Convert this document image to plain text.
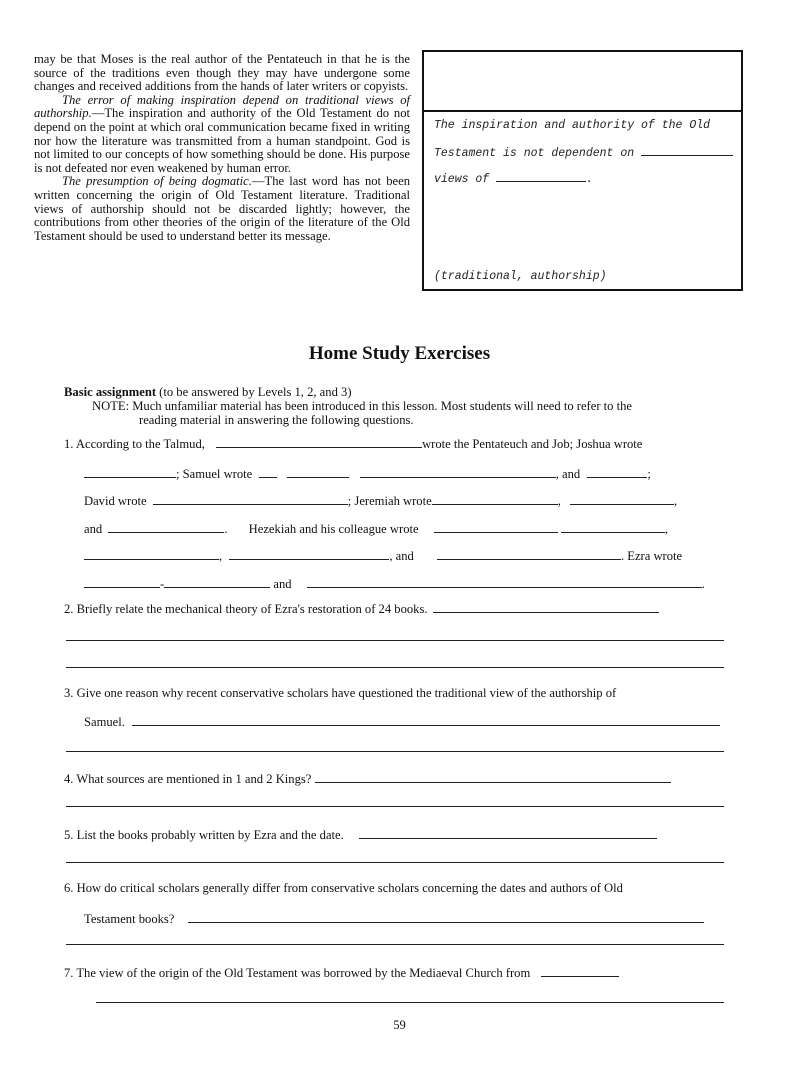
may be that Moses is the real author of the Pentateuch in that he is the source of the traditions even though they may have undergone some changes and received additions from the hands of later writers or copyists.

The error of making inspiration depend on traditional views of authorship.—The inspiration and authority of the Old Testament do not depend on the point at which oral communication became fixed in writing nor how the literature was transmitted from a human standpoint. God is not limited to our concepts of how something should be done. His purpose is not defeated nor even weakened by human error.

The presumption of being dogmatic.—The last word has not been written concerning the origin of Old Testament literature. Traditional views of authorship should not be discarded lightly; however, the contributions from other theories of the origin of the literature of the Old Testament should be used to understand better its message.

The inspiration and authority of the Old
Testament is not dependent on
views of	.
(traditional, authorship)
Home Study Exercises
Basic assignment (to be answered by Levels 1, 2, and 3)
NOTE: Much unfamiliar material has been introduced in this lesson. Most students will need to refer to the
reading material in answering the following questions.
1. According to the Talmud,	wrote the Pentateuch and Job; Joshua wrote
; Samuel wrote	, and	;
David wrote	; Jeremiah wrote	,	,
and	. Hezekiah and his colleague wrote	,
,	, and	. Ezra wrote
-	and	.
2. Briefly relate the mechanical theory of Ezra's restoration of 24 books.
3. Give one reason why recent conservative scholars have questioned the traditional view of the authorship of
Samuel.
4. What sources are mentioned in 1 and 2 Kings?
5. List the books probably written by Ezra and the date.
6. How do critical scholars generally differ from conservative scholars concerning the dates and authors of Old
Testament books?
7. The view of the origin of the Old Testament was borrowed by the Mediaeval Church from
59
